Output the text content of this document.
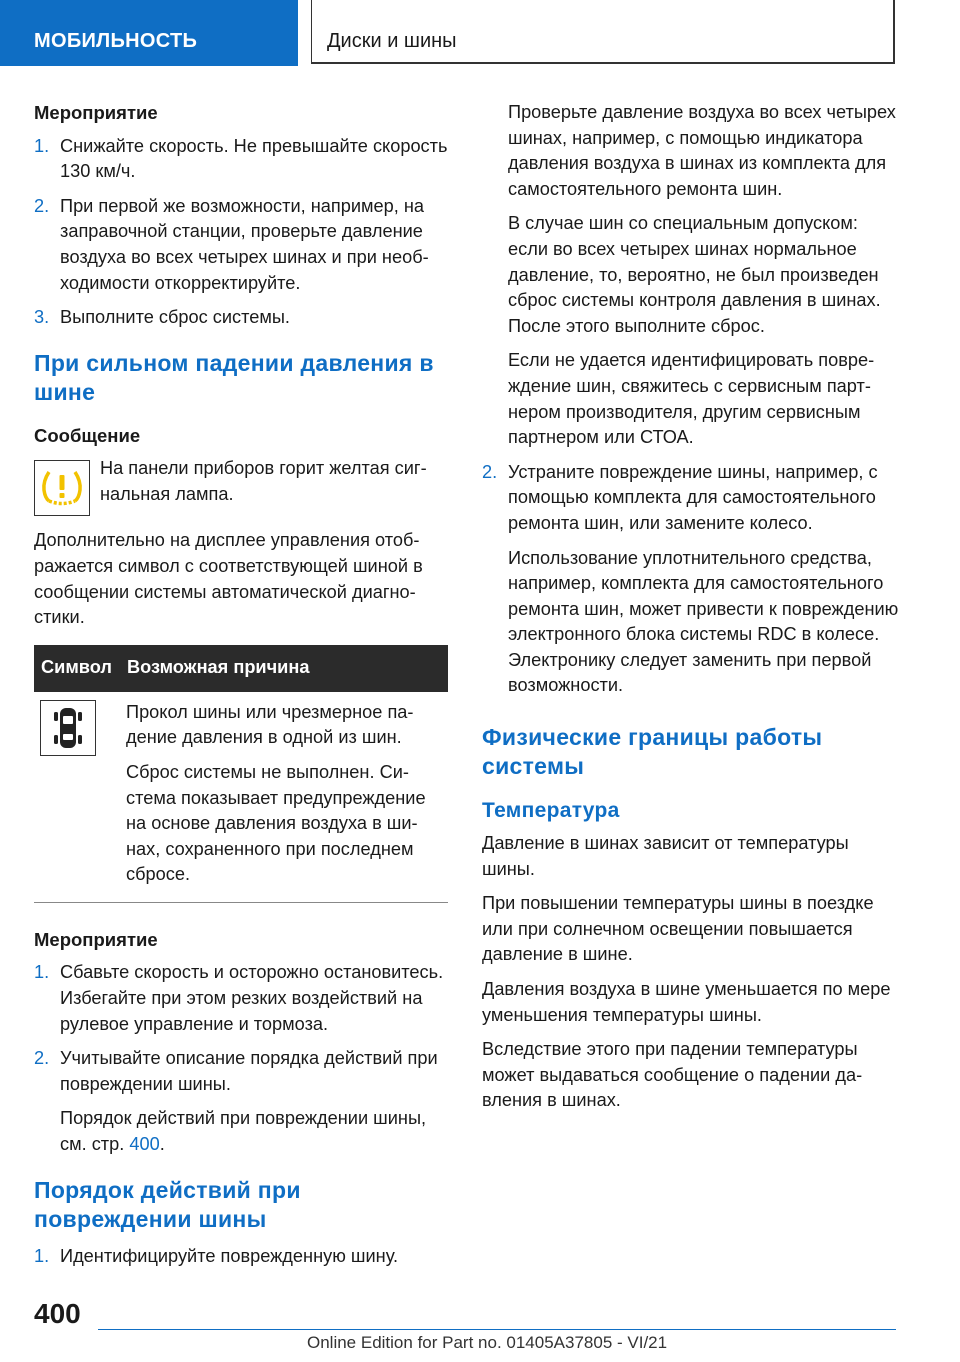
МОБИЛЬНОСТЬ	Диски и шины
Мероприятие
1. Снижайте скорость. Не превышайте скорость 130 км/ч.

2. При первой же возможности, например, на заправочной станции, проверьте давление воздуха во всех четырех шинах и при необходимости откорректируйте.

3. Выполните сброс системы.

При сильном падении давления в шине
Сообщение
На панели приборов горит желтая сигнальная лампа.
Дополнительно на дисплее управления отображается символ с соответствующей шиной в сообщении системы автоматической диагностики.
Символ	Возможная причина

Прокол шины или чрезмерное падение давления в одной из шин.

Сброс системы не выполнен. Система показывает предупреждение на основе давления воздуха в шинах, сохраненного при последнем сбросе.

Мероприятие
1. Сбавьте скорость и осторожно остановитесь. Избегайте при этом резких воздействий на рулевое управление и тормоза.

2. Учитывайте описание порядка действий при повреждении шины.

Порядок действий при повреждении шины, см. стр. 400.

Порядок действий при повреждении шины
1. Идентифицируйте поврежденную шину.

Проверьте давление воздуха во всех четырех шинах, например, с помощью индикатора давления воздуха в шинах из комплекта для самостоятельного ремонта шин.
В случае шин со специальным допуском: если во всех четырех шинах нормальное давление, то, вероятно, не был произведен сброс системы контроля давления в шинах. После этого выполните сброс.
Если не удается идентифицировать повреждение шин, свяжитесь с сервисным партнером производителя, другим сервисным партнером или СТОА.
2. Устраните повреждение шины, например, с помощью комплекта для самостоятельного ремонта шин, или замените колесо.

Использование уплотнительного средства, например, комплекта для самостоятельного ремонта шин, может привести к повреждению электронного блока системы RDC в колесе. Электронику следует заменить при первой возможности.

Физические границы работы системы
Температура
Давление в шинах зависит от температуры шины.
При повышении температуры шины в поездке или при солнечном освещении повышается давление в шине.
Давления воздуха в шине уменьшается по мере уменьшения температуры шины.
Вследствие этого при падении температуры может выдаваться сообщение о падении давления в шинах.
400
Online Edition for Part no. 01405A37805 - VI/21
